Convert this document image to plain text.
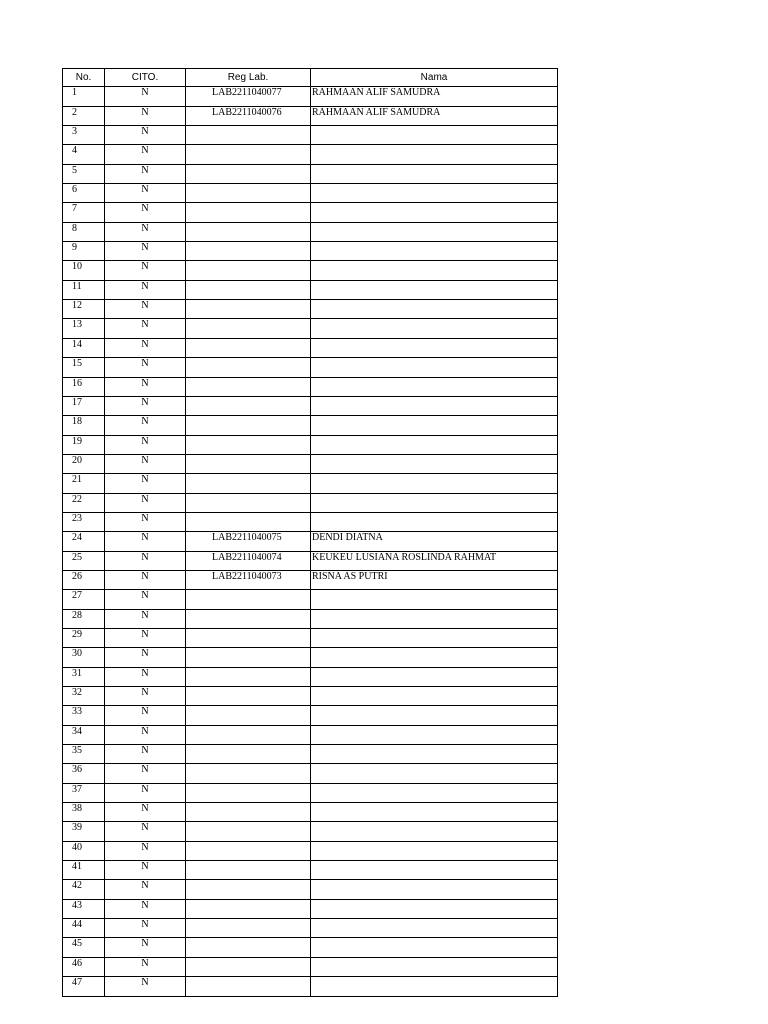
No.	CITO.	Reg Lab.	Nama
1	N	LAB2211040077	RAHMAAN ALIF SAMUDRA
2	N	LAB2211040076	RAHMAAN ALIF SAMUDRA
3	N		
4	N		
5	N		
6	N		
7	N		
8	N		
9	N		
10	N		
11	N		
12	N		
13	N		
14	N		
15	N		
16	N		
17	N		
18	N		
19	N		
20	N		
21	N		
22	N		
23	N		
24	N	LAB2211040075	DENDI DIATNA
25	N	LAB2211040074	KEUKEU LUSIANA ROSLINDA RAHMAT
26	N	LAB2211040073	RISNA AS PUTRI
27	N		
28	N		
29	N		
30	N		
31	N		
32	N		
33	N		
34	N		
35	N		
36	N		
37	N		
38	N		
39	N		
40	N		
41	N		
42	N		
43	N		
44	N		
45	N		
46	N		
47	N		
